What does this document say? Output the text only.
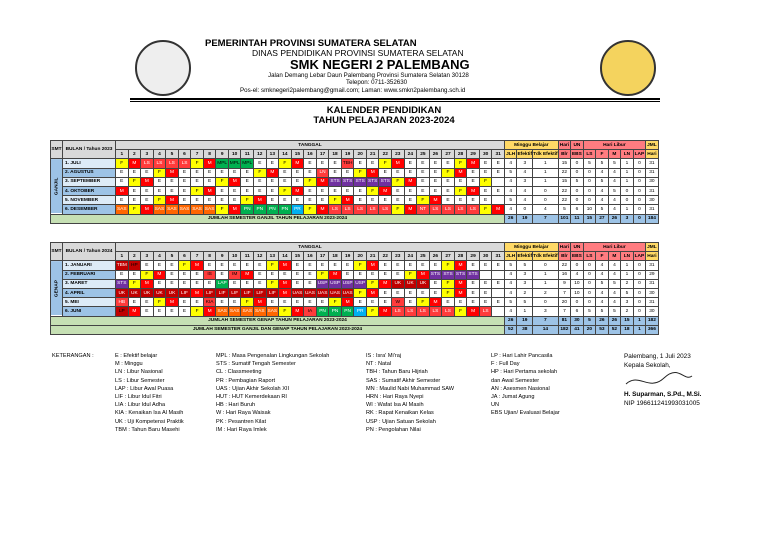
PEMERINTAH PROVINSI SUMATERA SELATAN
DINAS PENDIDIKAN PROVINSI SUMATERA SELATAN
SMK NEGERI 2 PALEMBANG
Jalan Demang Lebar Daun Palembang Provinsi Sumatera Selatan 30128
Telepon: 0711-352630
Pos-el: smknegeri2palembang@gmail.com; Laman: www.smkn2palembang.sch.id
KALENDER PENDIDIKAN
TAHUN PELAJARAN 2023-2024
SMT	BULAN / Tahun 2023	TANGGAL																															Minggu Belajar			Hari	UN	Hari Libur					JML
		1	2	3	4	5	6	7	8	9	10	11	12	13	14	15	16	17	18	19	20	21	22	23	24	25	26	27	28	29	30	31	JLH	Efektif	Tdk Efektif	Blr	EBS	LS	F	M	LN	LAP	Hari
GANJIL	1. JULI	F	M	LS	LS	LS	LS	F	M	MPL	MPL	MPL	E	E	F	M	E	E	E	TBH	E	E	F	M	E	E	E	E	F	M	E	E	4	3	1	15	0	5	5	5	1	0	31
	2. AGUSTUS	E	E	E	F	M	E	E	E	E	E	E	F	M	E	E	E	LN	E	E	F	M	E	E	E	E	E	F	M	E	E	E	5	4	1	22	0	0	4	4	1	0	31
	3. SEPTEMBER	E	F	M	E	E	E	E	E	F	M	E	E	E	E	E	F	M	STS	STS	STS	STS	STS	F	M	E	E	E	E	E	F		4	3	1	15	5	0	5	4	1	0	30
	4. OKTOBER	M	E	E	E	E	E	F	M	E	E	E	E	E	F	M	E	E	E	E	E	F	M	E	E	E	E	E	F	M	E	E	4	4	0	22	0	0	4	5	0	0	31
	5. NOVEMBER	E	E	E	F	M	E	E	E	E	E	F	M	E	E	E	E	E	F	M	E	E	E	E	E	F	M	E	E	E	E		5	4	0	22	0	0	4	4	0	0	30
	6. DESEMBER	SAS	F	M	SAS	SAS	SAS	SAS	SAS	F	M	PN	PN	PN	PN	PR	F	M	LS	LS	LS	LS	LS	F	M	NT	LS	LS	LS	LS	F	M	4	0	4	5	6	10	5	4	1	0	31
JUMLAH SEMESTER GANJIL TAHUN PELAJARAN 2023-2024																																	26	19	7	101	11	15	27	26	3	0	184
SMT	BULAN / Tahun 2024	TANGGAL																															Minggu Belajar			Hari	UN	Hari Libur					JML
		1	2	3	4	5	6	7	8	9	10	11	12	13	14	15	16	17	18	19	20	21	22	23	24	25	26	27	28	29	30	31	JLH	Efektif	Tdk Efektif	Blr	EBS	LS	F	M	LN	LAP	Hari
GENAP	1. JANUARI	TBM	HP	E	E	E	F	M	E	E	E	E	E	F	M	E	E	E	E	E	F	M	E	E	E	E	E	F	M	E	E	E	5	5	0	22	0	0	4	4	1	0	31
	2. FEBRUARI	E	E	F	M	E	E	E	IS	E	IM	M	E	E	E	E	E	F	M	E	E	E	E	E	F	M	STS	STS	STS	STS			4	3	1	16	4	0	4	4	1	0	29
	3. MARET	STS	F	M	E	E	E	E	E	LAP	E	E	E	F	M	E	E	USP	USP	USP	USP	F	M	UK	UK	UK	E	F	M	E	E	E	4	3	1	9	10	0	5	5	2	0	31
	4. APRIL	UK	UK	UK	UK	UK	LIF	M	LIF	LIF	LIF	LIF	LIF	LIF	M	UAS	UAS	UAS	UAS	UAS	F	M	E	E	E	E	E	F	M	E	E		4	2	2	7	10	0	4	4	5	0	30
	5. MEI	HB	E	E	F	M	E	E	KIA	E	E	F	M	E	E	E	E	E	F	M	E	E	E	W	E	F	M	E	E	E	E	E	5	5	0	20	0	0	4	4	3	0	31
	6. JUNI	LP	M	E	E	E	E	F	M	SAS	SAS	SAS	SAS	SAS	F	M	IA	PN	PN	PN	PR	F	M	LS	LS	LS	LS	LS	F	M	LS		4	1	3	7	6	5	5	5	2	0	30
JUMLAH SEMESTER GENAP TAHUN PELAJARAN 2023-2024																																	26	19	7	81	30	5	26	26	15	1	182
JUMLAH SEMESTER GANJIL DAN GENAP TAHUN PELAJARAN 2023-2024																																	52	38	14	182	41	20	53	52	18	1	366
KETERANGAN :	E : Efektif belajar
M : Minggu
LN : Libur Nasional
LS : Libur Semester
LAP : Libur Awal Puasa
LIF : Libur Idul Fitri
LIA : Libur Idul Adha
KIA : Kenaikan Isa Al Masih
UK : Uji Kompetensi Praktik
TBM : Tahun Baru Masehi
MPL : Masa Pengenalan Lingkungan Sekolah
STS : Sumatif Tengah Semester
CL : Classmeeting
PR : Pembagian Raport
UAS : Ujian Akhir Sekolah XII
HUT : HUT Kemerdekaan RI
HB : Hari Buruh
W : Hari Raya Waisak
PK : Pesantren Kilat
IM : Hari Raya Imlek
IS : Isra' Mi'raj
NT : Natal
TBH : Tahun Baru Hijriah
SAS : Sumatif Akhir Semester
MN : Maulid Nabi Muhammad SAW
HRN : Hari Raya Nyepi
WI : Wafat Isa Al Masih
RK : Rapat Kenaikan Kelas
USP : Ujian Satuan Sekolah
PN : Pengolahan Nilai
LP : Hari Lahir Pancasila
F : Full Day
HP : Hari Pertama sekolah
dan Awal Semester
AN : Asesmen Nasional
JA : Jumat Agung
UN
EBS Ujian/ Evaluasi Belajar
Palembang, 1 Juli 2023
Kepala Sekolah,
H. Suparman, S.Pd., M.Si.
NIP 196611241993031005
